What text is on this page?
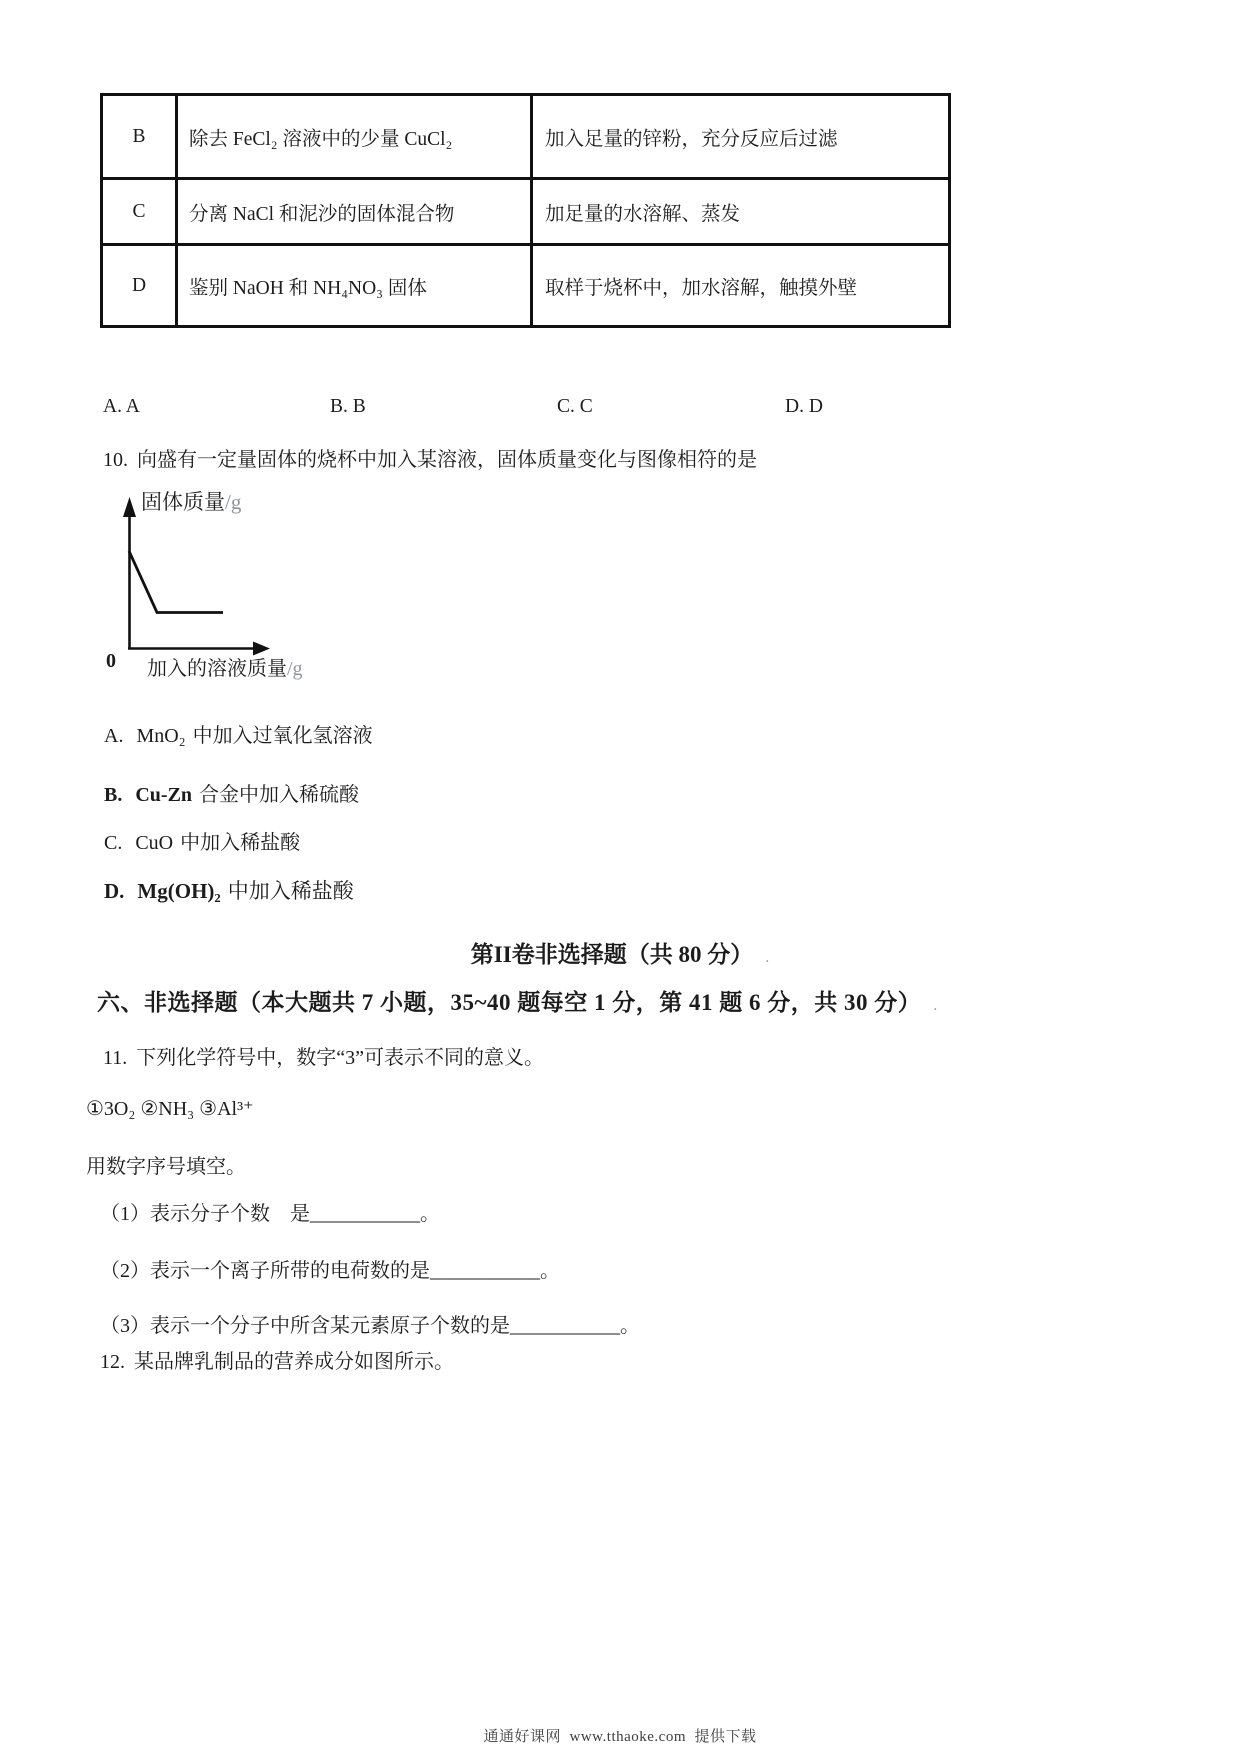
B	除去 FeCl₂ 溶液中的少量 CuCl₂	加入足量的锌粉，充分反应后过滤
C	分离 NaCl 和泥沙的固体混合物	加足量的水溶解、蒸发
D	鉴别 NaOH 和 NH₄NO₃ 固体	取样于烧杯中，加水溶解，触摸外壁
A. A	B. B	C. C	D. D
10. 向盛有一定量固体的烧杯中加入某溶液，固体质量变化与图像相符的是
固体质量/g
0 加入的溶液质量/g
A. MnO₂ 中加入过氧化氢溶液
B. Cu-Zn 合金中加入稀硫酸
C. CuO 中加入稀盐酸
D. Mg(OH)₂ 中加入稀盐酸
第II卷非选择题（共 80 分） .
六、非选择题（本大题共 7 小题，35~40 题每空 1 分，第 41 题 6 分，共 30 分） .
11. 下列化学符号中，数字“3”可表示不同的意义。
①3O₂ ②NH₃ ③Al³⁺
用数字序号填空。
（1）表示分子个数　是___________。
（2）表示一个离子所带的电荷数的是___________。
（3）表示一个分子中所含某元素原子个数的是___________。
12. 某品牌乳制品的营养成分如图所示。
通通好课网  www.tthaoke.com  提供下载
